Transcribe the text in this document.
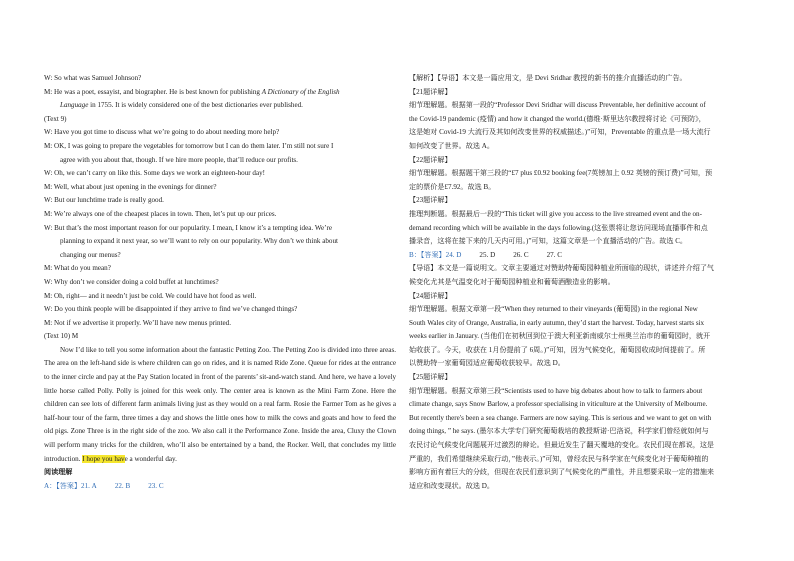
W: So what was Samuel Johnson?
M: He was a poet, essayist, and biographer. He is best known for publishing A Dictionary of the English
Language in 1755. It is widely considered one of the best dictionaries ever published.
(Text 9)
W: Have you got time to discuss what we’re going to do about needing more help?
M: OK, I was going to prepare the vegetables for tomorrow but I can do them later. I’m still not sure I
agree with you about that, though. If we hire more people, that’ll reduce our profits.
W: Oh, we can’t carry on like this. Some days we work an eighteen-hour day!
M: Well, what about just opening in the evenings for dinner?
W: But our lunchtime trade is really good.
M: We’re always one of the cheapest places in town. Then, let’s put up our prices.
W: But that’s the most important reason for our popularity. I mean, I know it’s a tempting idea. We’re
planning to expand it next year, so we’ll want to rely on our popularity. Why don’t we think about
changing our menus?
M: What do you mean?
W: Why don’t we consider doing a cold buffet at lunchtimes?
M: Oh, right— and it needn’t just be cold. We could have hot food as well.
W: Do you think people will be disappointed if they arrive to find we’ve changed things?
M: Not if we advertise it properly. We’ll have new menus printed.
(Text 10) M
Now I’d like to tell you some information about the fantastic Petting Zoo. The Petting Zoo is divided into three areas. The area on the left-hand side is where children can go on rides, and it is named Ride Zone. Queue for rides at the entrance to the inner circle and pay at the Pay Station located in front of the parents’ sit-and-watch stand. And here, we have a lovely little horse called Polly. Polly is joined for this week only. The center area is known as the Mini Farm Zone. Here the children can see lots of different farm animals living just as they would on a real farm. Rosie the Farmer Tom as he gives a half-hour tour of the farm, three times a day and shows the little ones how to milk the cows and goats and how to feed the old pigs. Zone Three is in the right side of the zoo. We also call it the Performance Zone. Inside the area, Cluxy the Clown will perform many tricks for the children, who’ll also be entertained by a band, the Rocker. Well, that concludes my little introduction. I hope you have a wonderful day.
阅读理解
A：【答案】21. A	22. B	23. C
【解析】【导语】本文是一篇应用文，是 Devi Sridhar 教授的新书的推介直播活动的广告。
【21题详解】
细节理解题。根据第一段的“Professor Devi Sridhar will discuss Preventable, her definitive account of
the Covid-19 pandemic (疫情) and how it changed the world.(德维·斯里达尔教授将讨论《可预防》，
这是她对 Covid-19 大流行及其如何改变世界的权威描述。)”可知，Preventable 的重点是一场大流行
如何改变了世界。故选 A。
【22题详解】
细节理解题。根据题干第三段的“£7 plus £0.92 booking fee(7英镑加上 0.92 英镑的预订费)”可知，预
定的票价是£7.92。故选 B。
【23题详解】
推理判断题。根据最后一段的“This ticket will give you access to the live streamed event and the on-
demand recording which will be available in the days following.(这张票将让您访问现场直播事件和点
播录音，这将在接下来的几天内可用。)”可知，这篇文章是一个直播活动的广告。故选 C。
B：【答案】24. D	25. D	26. C	27. C
【导语】本文是一篇说明文。文章主要通过对赞助特葡萄园种植业所面临的现状，讲述并介绍了气
候变化尤其是气温变化对于葡萄园种植业和葡萄酒酿造业的影响。
【24题详解】
细节理解题。根据文章第一段“When they returned to their vineyards (葡萄园) in the regional New
South Wales city of Orange, Australia, in early autumn, they’d start the harvest. Today, harvest starts six
weeks earlier in January. (当他们在初秋回到位于澳大利亚新南威尔士州奥兰治市的葡萄园时，就开
始收获了。今天，收获在 1月份提前了 6周。)”可知，因为气候变化，葡萄园收成时间提前了。所
以赞助特一家葡萄园适应葡萄收获较早。故选 D。
【25题详解】
细节理解题。根据文章第三段“Scientists used to have big debates about how to talk to farmers about
climate change, says Snow Barlow, a professor specialising in viticulture at the University of Melbourne.
But recently there's been a sea change. Farmers are now saying. This is serious and we want to get on with
doing things, ” he says. (墨尔本大学专门研究葡萄栽培的教授斯诺·巴洛说，科学家们曾经就如何与
农民讨论气候变化问题展开过激烈的辩论。但最近发生了翻天覆地的变化。农民们现在都说，这是
严重的，我们希望继续采取行动，”他表示。)”可知，曾经农民与科学家在气候变化对于葡萄种植的
影响方面有着巨大的分歧，但现在农民们意识到了气候变化的严重性，并且想要采取一定的措施来
适应和改变现状。故选 D。
